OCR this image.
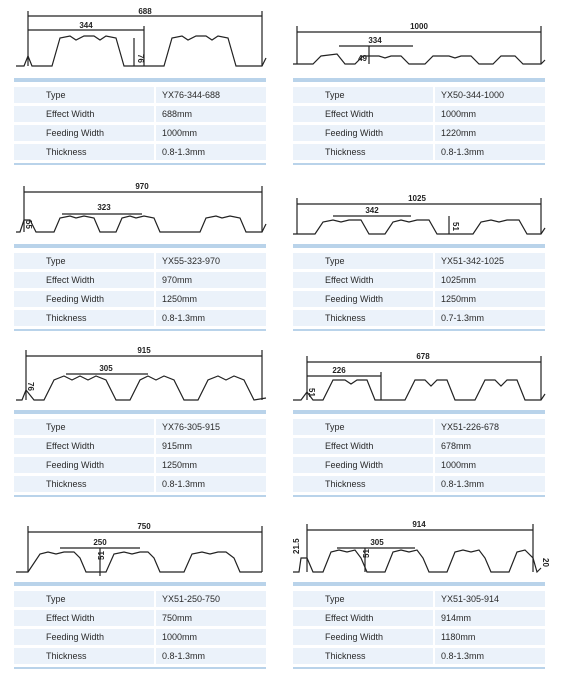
688
344
76
Type	YX76-344-688
Effect Width	688mm
Feeding Width	1000mm
Thickness	0.8-1.3mm
1000
334
49
Type	YX50-344-1000
Effect Width	1000mm
Feeding Width	1220mm
Thickness	0.8-1.3mm
970
323
55
Type	YX55-323-970
Effect Width	970mm
Feeding Width	1250mm
Thickness	0.8-1.3mm
1025
342
51
Type	YX51-342-1025
Effect Width	1025mm
Feeding Width	1250mm
Thickness	0.7-1.3mm
915
305
76
Type	YX76-305-915
Effect Width	915mm
Feeding Width	1250mm
Thickness	0.8-1.3mm
678
226
51
Type	YX51-226-678
Effect Width	678mm
Feeding Width	1000mm
Thickness	0.8-1.3mm
750
250
51
Type	YX51-250-750
Effect Width	750mm
Feeding Width	1000mm
Thickness	0.8-1.3mm
914
305
51
21.5
20
Type	YX51-305-914
Effect Width	914mm
Feeding Width	1180mm
Thickness	0.8-1.3mm
